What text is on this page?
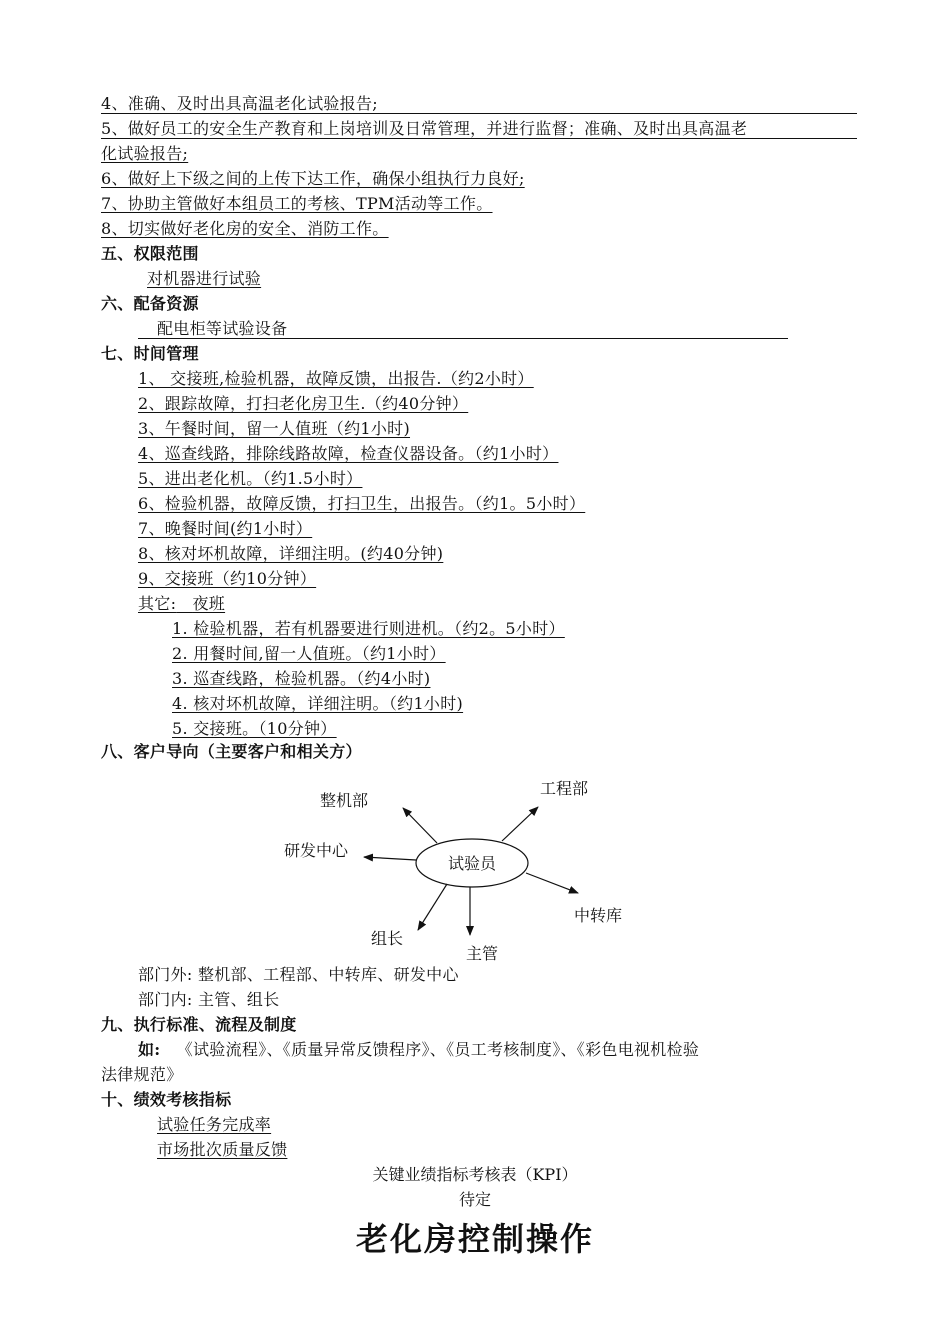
4、准确、及时出具高温老化试验报告;
5、做好员工的安全生产教育和上岗培训及日常管理，并进行监督；准确、及时出具高温老
化试验报告;
6、做好上下级之间的上传下达工作，确保小组执行力良好;
7、协助主管做好本组员工的考核、TPM活动等工作。
8、切实做好老化房的安全、消防工作。
五、权限范围
对机器进行试验
六、配备资源
配电柜等试验设备
七、时间管理
1、 交接班,检验机器，故障反馈，出报告.（约2小时）
2、跟踪故障，打扫老化房卫生.（约40分钟）
3、午餐时间，留一人值班（约1小时)
4、巡查线路，排除线路故障，检查仪器设备。（约1小时）
5、进出老化机。（约1.5小时）
6、检验机器，故障反馈，打扫卫生，出报告。（约1。5小时）
7、晚餐时间(约1小时）
8、核对坏机故障，详细注明。(约40分钟)
9、交接班（约10分钟）
其它: 夜班
1. 检验机器，若有机器要进行则进机。（约2。5小时）
2. 用餐时间,留一人值班。（约1小时）
3. 巡查线路，检验机器。（约4小时)
4. 核对坏机故障，详细注明。（约1小时)
5. 交接班。（10分钟）
八、客户导向（主要客户和相关方）
试验员
整机部
工程部
研发中心
中转库
组长
主管
部门外: 整机部、工程部、中转库、研发中心
部门内: 主管、组长
九、执行标准、流程及制度
如: 《试验流程》、《质量异常反馈程序》、《员工考核制度》、《彩色电视机检验
法律规范》
十、绩效考核指标
试验任务完成率
市场批次质量反馈
关键业绩指标考核表（KPI）
待定
老化房控制操作
